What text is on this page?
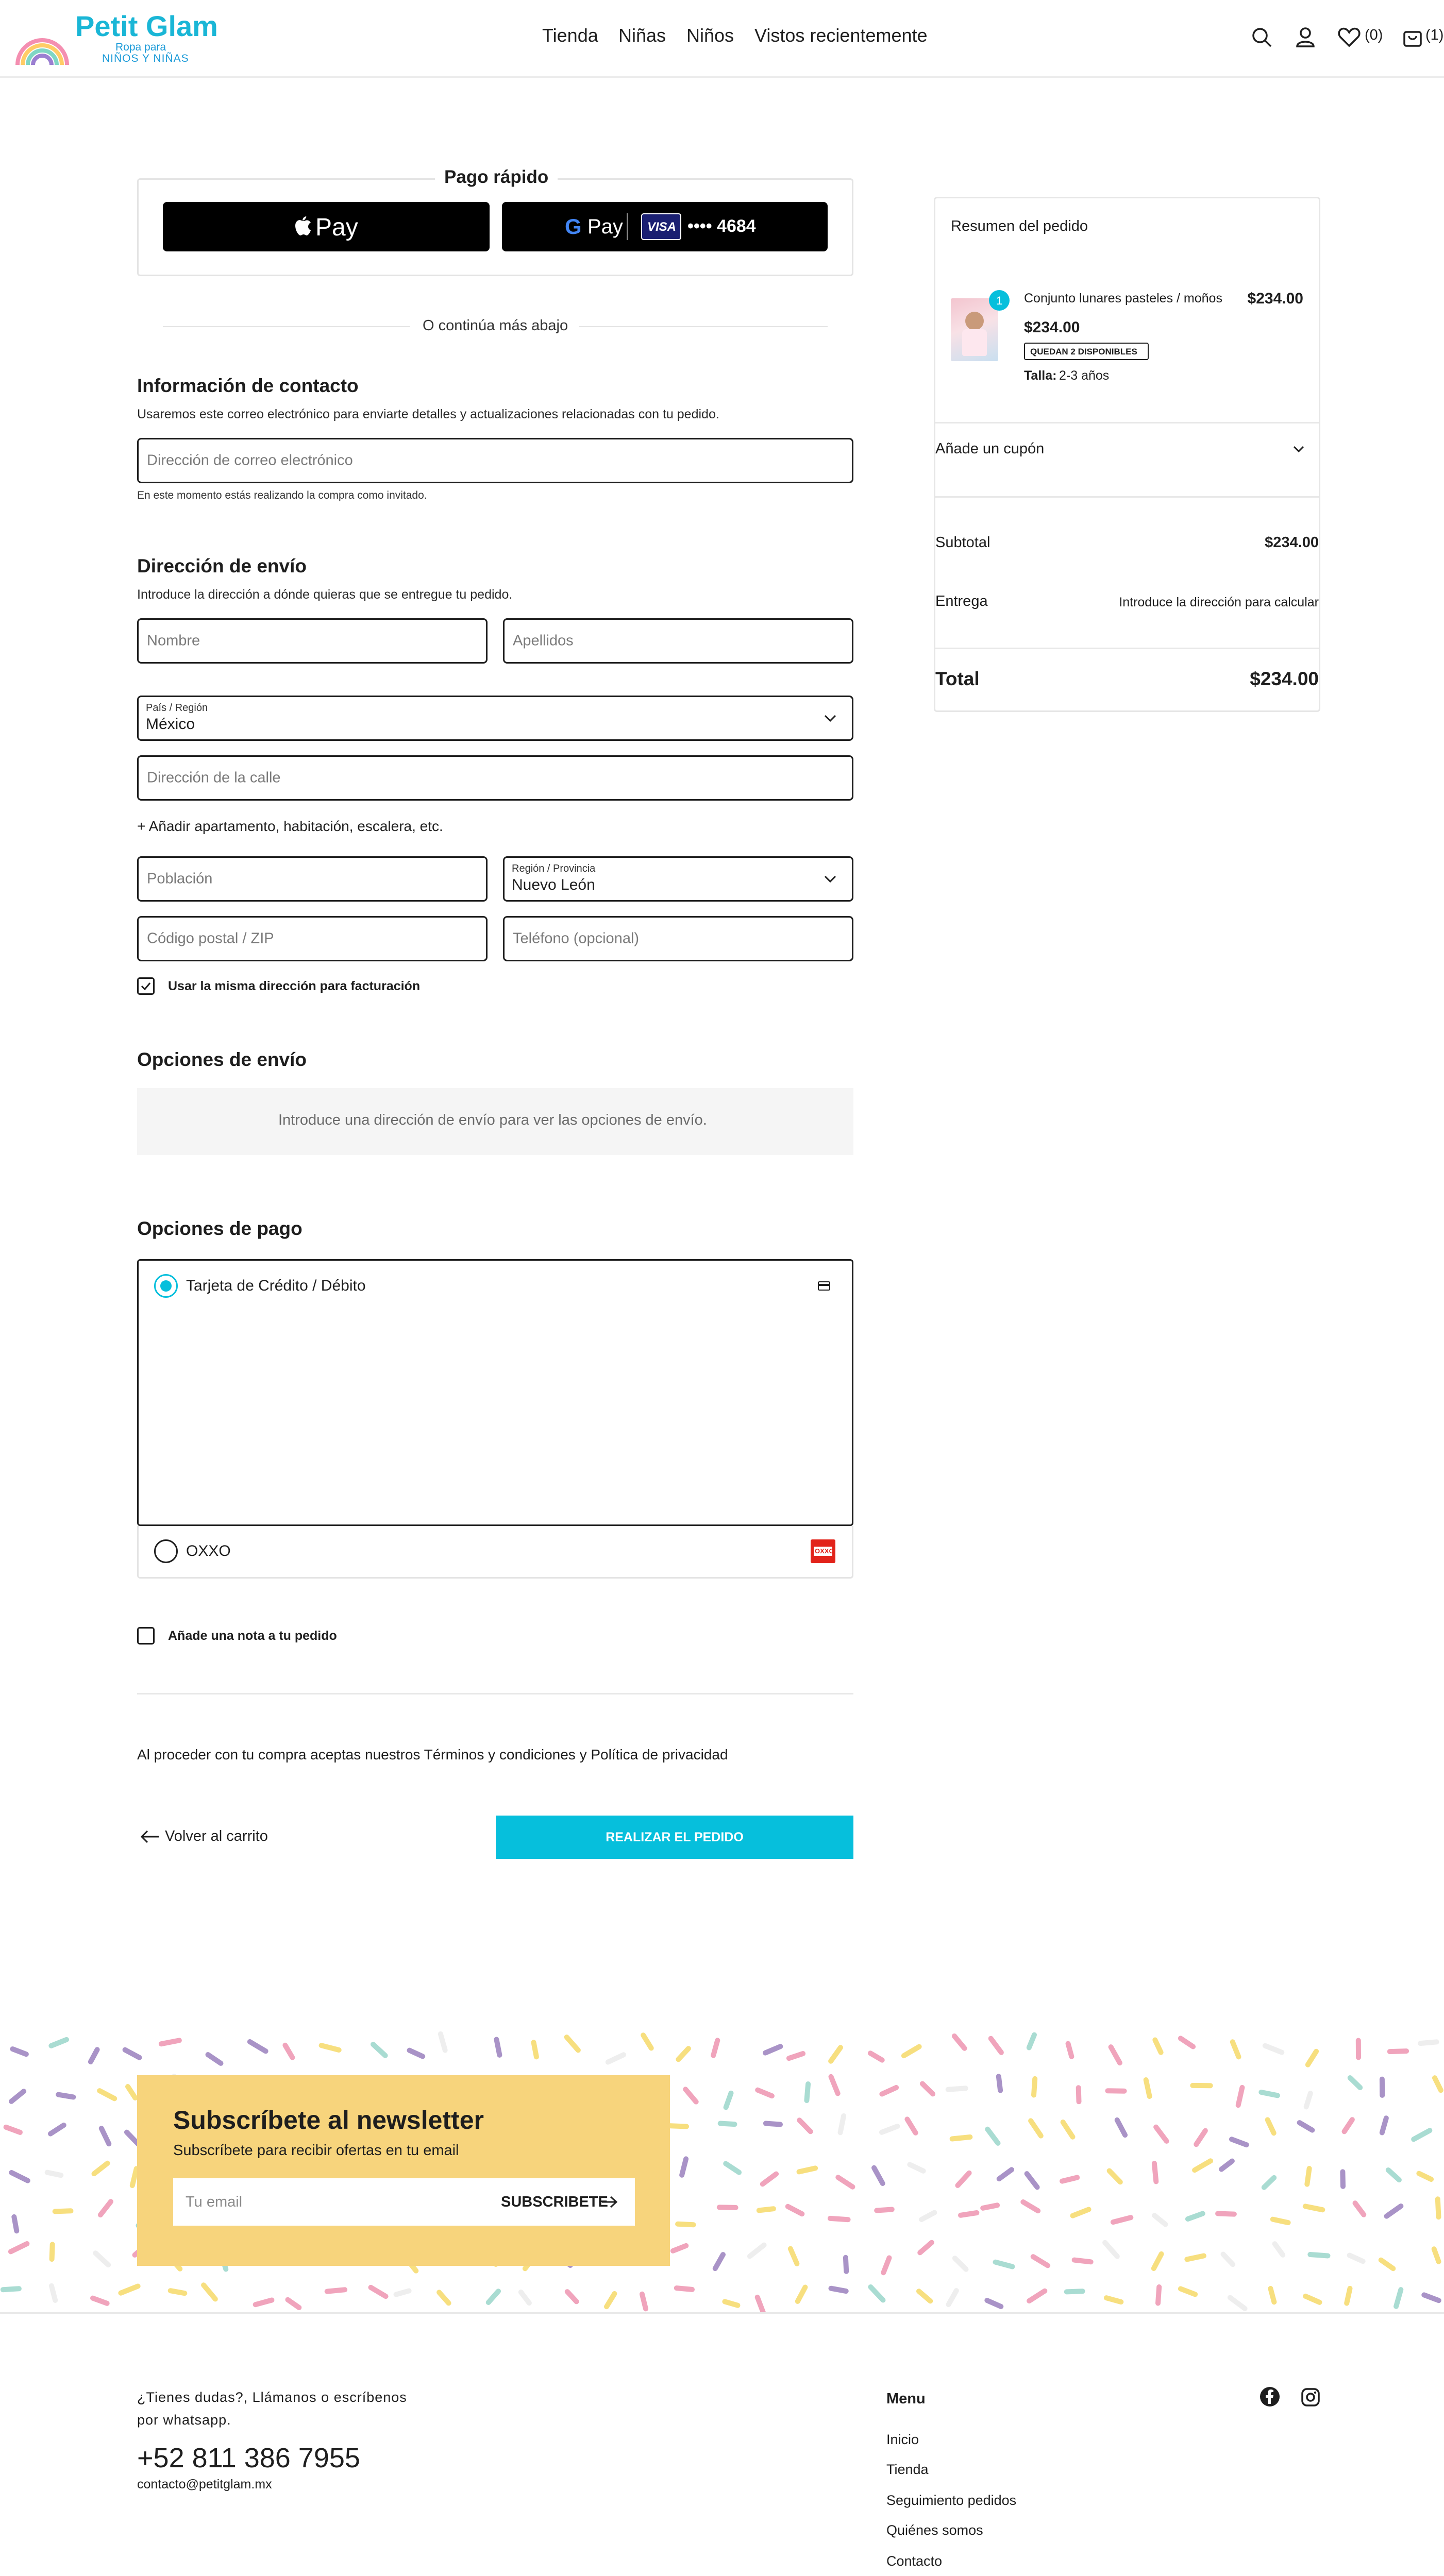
Petit Glam
Ropa para
NIÑOS Y NIÑAS
Tienda Niñas Niños Vistos recientemente	(0)	(1)
Pago rápido
Pay	G Pay VISA •••• 4684
O continúa más abajo
Información de contacto
Usaremos este correo electrónico para enviarte detalles y actualizaciones relacionadas con tu pedido.
Dirección de correo electrónico
En este momento estás realizando la compra como invitado.
Dirección de envío
Introduce la dirección a dónde quieras que se entregue tu pedido.
Nombre	Apellidos
País / Región
México
Dirección de la calle
+ Añadir apartamento, habitación, escalera, etc.
Población
Región / Provincia
Nuevo León
Código postal / ZIP	Teléfono (opcional)
Usar la misma dirección para facturación
Opciones de envío
Introduce una dirección de envío para ver las opciones de envío.
Opciones de pago
Tarjeta de Crédito / Débito
OXXO	OXXO
Añade una nota a tu pedido
Al proceder con tu compra aceptas nuestros Términos y condiciones y Política de privacidad
Volver al carrito	REALIZAR EL PEDIDO
Resumen del pedido
1 Conjunto lunares pasteles / moños $234.00
$234.00
QUEDAN 2 DISPONIBLES
Talla: 2-3 años
Añade un cupón
Subtotal	$234.00
Entrega	Introduce la dirección para calcular
Total	$234.00
Subscríbete al newsletter
Subscríbete para recibir ofertas en tu email
Tu email	SUBSCRIBETE
¿Tienes dudas?, Llámanos o escríbenos
por whatsapp.
+52 811 386 7955
contacto@petitglam.mx
Menu
Inicio
Tienda
Seguimiento pedidos
Quiénes somos
Contacto
